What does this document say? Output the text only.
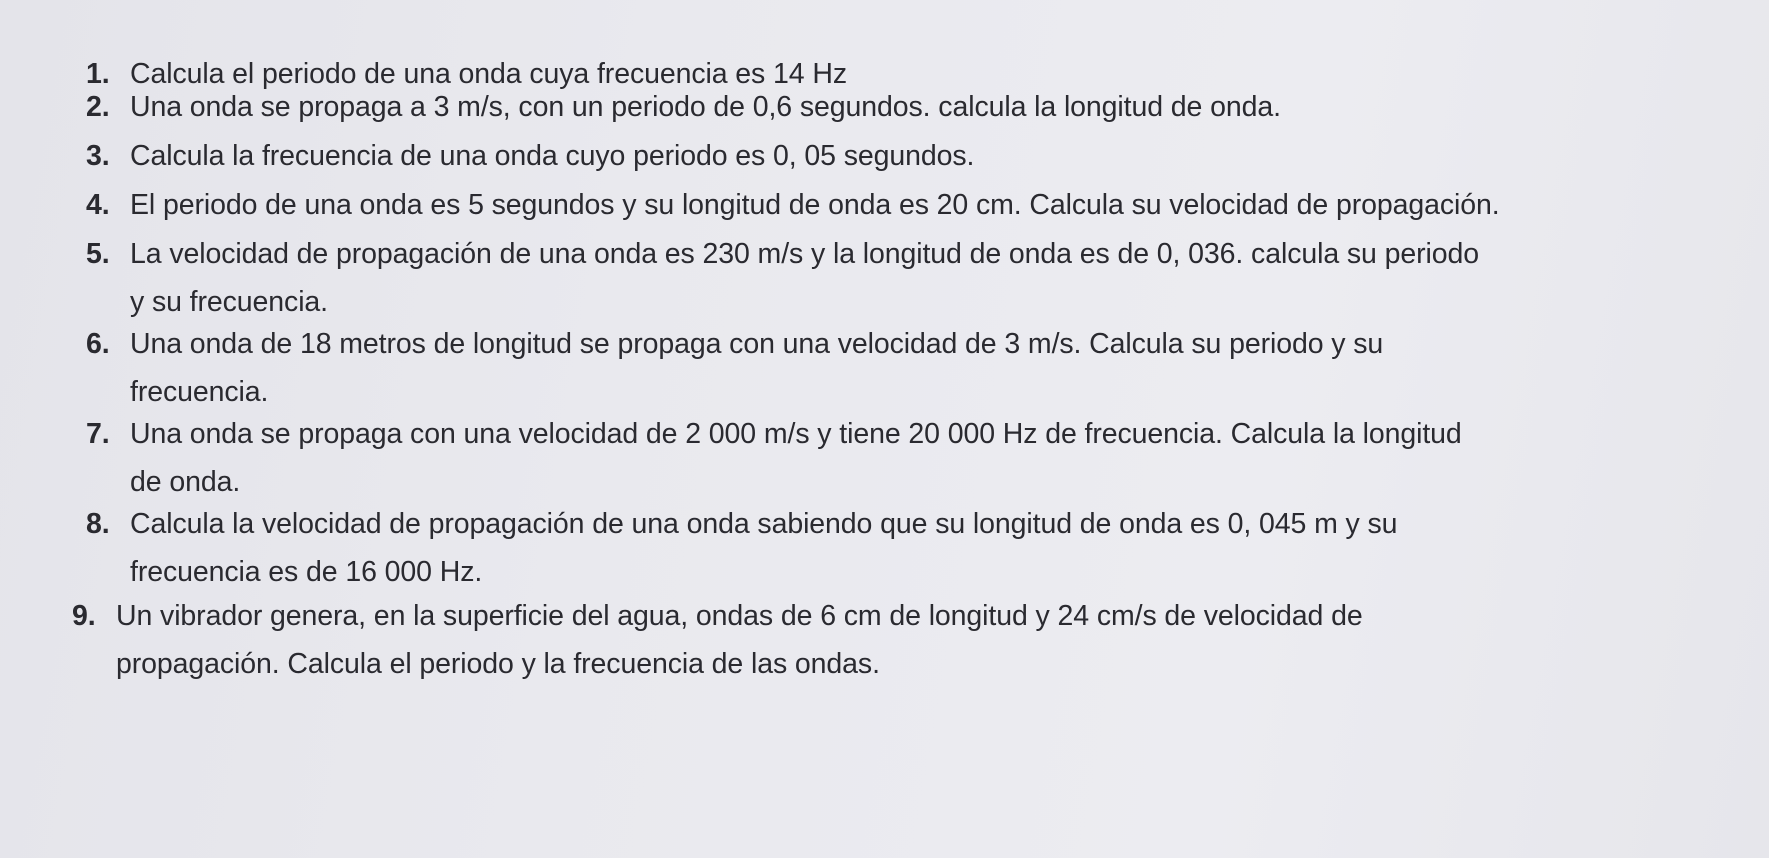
1. Calcula el periodo de una onda cuya frecuencia es 14 Hz
2. Una onda se propaga a 3 m/s, con un periodo de 0,6 segundos. calcula la longitud de onda.
3. Calcula la frecuencia de una onda cuyo periodo es 0, 05 segundos.
4. El periodo de una onda es 5 segundos y su longitud de onda es 20 cm. Calcula su velocidad de propagación.
5. La velocidad de propagación de una onda es 230 m/s y la longitud de onda es de 0, 036. calcula su periodo
y su frecuencia.
6. Una onda de 18 metros de longitud se propaga con una velocidad de 3 m/s. Calcula su periodo y su
frecuencia.
7. Una onda se propaga con una velocidad de 2 000 m/s y tiene 20 000 Hz de frecuencia. Calcula la longitud
de onda.
8. Calcula la velocidad de propagación de una onda sabiendo que su longitud de onda es 0, 045 m y su
frecuencia es de 16 000 Hz.
9. Un vibrador genera, en la superficie del agua, ondas de 6 cm de longitud y 24 cm/s de velocidad de
propagación. Calcula el periodo y la frecuencia de las ondas.
